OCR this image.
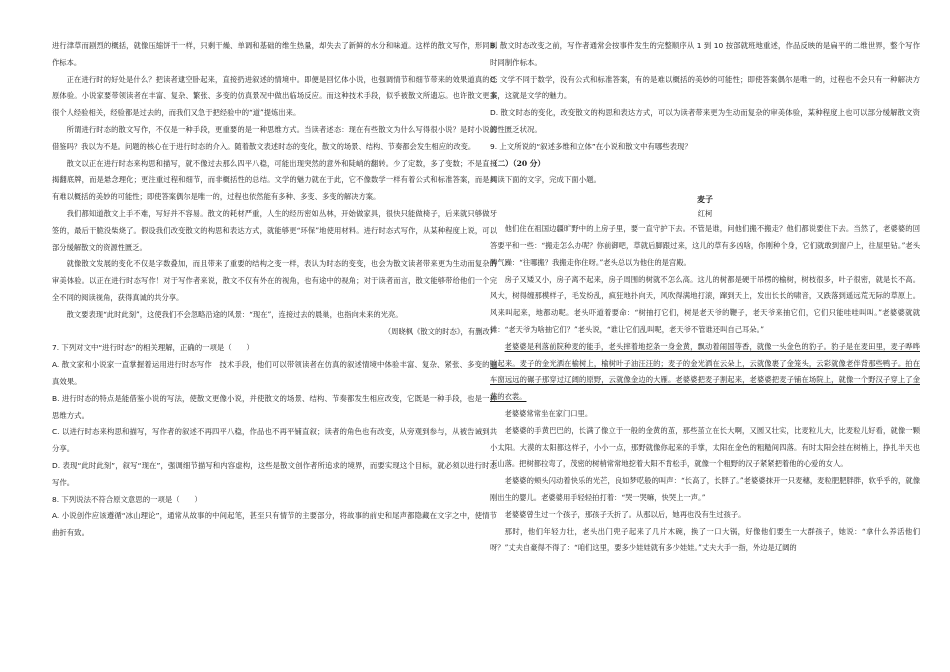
进行津草而剧烈的概括，就像压缩饼干一样，只剩干燥、单调和基础的维生热量，却失去了新鲜的水分和味道。这样的散文写作，形同制作标本。

正在进行时的好处是什么？把读者逮空卧起来，直接扔进叙述的情境中。即便是回忆体小说，也强调情节和细节带来的效果道真的还原体验。小说家要带领读者在丰富、复杂、繁张、多变的仿真景况中做出临场反应。而这种技术手段，似乎被散文所遗忘。也许散文更多很个人经验相关，经验都是过去的，而我们又急于把经验中的“道”提炼出来。

所谓进行时态的散文写作，不仅是一种手段，更重要的是一种思维方式。当读者述态：现在有些散文为什么写得很小说？是时小说的借鉴吗？我以为不是。问题的核心在于进行时态的介入。随着散文表述时态的变化，散文的场景、结构、节奏都会发生相应的改变。

散文以正在进行时态来构思和描写，就不像过去那么四平八稳，可能出现突然的意外和陡峭的翻转。少了定数，多了变数；不是直接揭翻底牌，而是悬念理化；更注重过程和细节，而非概括性的总结。文学的魅力就在于此，它不像数学一样有着公式和标准答案，而是具有难以概括的美妙的可能性；即使答案偶尔是唯一的，过程也依然能有多种、多变、多变的解决方案。

我们都知道散文上手不难，写好并不容易。散文的耗材严重，人生的经历密如丛林，开始做家具，很快只能做椅子，后来就只够做牙签的，最后干脆没柴烧了。假设我们改变散文的构思和表达方式，就能够更“环保”地使用材料。进行时态式写作，从某种程度上说，可以部分缓解散文的资源性匮乏。

就像散文发展的变化不仅是字数叠加，而且带来了重要的结构之变一样，表认为时态的变变，也会为散文读者带来更为生动而复杂的审美体验。以正在进行时态写作！对于写作者来说，散文不仅有外在的视角，也有途中的视角；对于读者而言，散文能够带给他们一个完全不同的阅读视角，获得真诚的共分享。

散文要表现“此时此刻”，这使我们不会忽略沿途的风景：“现在”，连接过去的晨巢，也指向未来的光亮。

（周晓枫《散文的时态》，有删改）

7. 下列对文中“进行时态”的相关理解，正确的一项是（　　）

A. 散文家和小说家一直掌握着运用进行时态写作　技术手段，他们可以带领读者在仿真的叙述情境中体验丰富、复杂、紧张、多变的逼真效果。

B. 进行时态的特点是能借鉴小说的写法，使散文更像小说，并使散文的场景、结构、节奏都发生相应改变，它既是一种手段，也是一种思维方式。

C. 以进行时态来构思和描写，写作者的叙述不再四平八稳，作品也不再平铺直叙；读者的角色也有改变，从旁观到参与，从被告诫到共分享。

D. 表现“此时此刻”，叙写“现在”，强调细节描写和内容虚构，这些是散文创作者所追求的境界，而要实现这个目标，就必须以进行时态写作。

8. 下列说法不符合原文意思的一项是（　　）

A. 小说创作应该遵循“冰山理论”，通常从故事的中间起笔，甚至只有情节的主要部分，将故事的前史和尾声都隐藏在文字之中，使情节曲折有致。

B. 散文时态改变之前，写作者通常会按事件发生的完整顺序从 1 到 10 按部就班地重述，作品反映的是扁平的二维世界，整个写作时同制作标本。

C. 文学不同于数学，没有公式和标准答案，有的是难以概括的美妙的可能性；即使答案偶尔是唯一的，过程也不会只有一种解决方案，这就是文学的魅力。

D. 散文时态的变化，改变散文的构思和表达方式，可以为读者带来更为生动而复杂的审美体验，某种程度上也可以部分缓解散文资源性匮乏状况。

9. 上文所说的“叙述多维和立体”在小说和散文中有哪些表现？

（二）（20 分）

阅读下面的文字，完成下面小题。

麦子
红柯

他们住在祖国边疆旷野中的上房子里，要一直守护下去。不管是谁，问他们搬不搬走？他们都说要住下去。当然了，老婆婆的回答要平和一些：“搬走怎么办呢？你前御吧，草就后脚跟过来，这儿的草有多凶啥，你刚种个身，它们就敢到窗户上，往屋里钻。”老头脾气躁：“往哪搬？我搬走你住呀。”老头总以为他住的是宫殿。

房子又矮又小，房子离不起来，房子周围的树就不怎么高。这儿的树都是硬干吊楞的榆树，树枝很多，叶子很密，就是长不高。风大，树得缠那模样子，毛发纷乱，疯狂地扑向天，风吹得满地打滚，蹿到天上，发出长长的啸音，又跌落到遥远荒无际的草原上。风来叫起来，地都动呢。老头吓道着要命：“树抽打它们，树是老天爷的鞭子，老天爷来抽它们，它们只能哇哇叫叫。”老婆婆就就摊：“老天爷为啥抽它们？”老头说，“谁让它们乱叫呢，老天爷不管谁还叫自己耳朵。”

老婆婆是利落前院种麦的能手，老头摔着地挖条一身金黄，飘动着闹国等香，就像一头金色的豹子。豹子是在麦田里，麦子哗哗响起来。麦子的金光洒在榆树上，榆树叶子油汪汪的；麦子的金光洒在云朵上，云就像裹了金笼头，云彩就像老伴背那些鸭子。拍在车窗远远的碾子那穿过辽阔的原野，云就像金边的大雁。老婆婆把麦子割起来，老婆婆把麦子铺在场院上，就像一个野汉子穿上了金黄的衣裳。

老婆婆常常坐在家门口里。

老婆婆的手黄巴巴的，长满了像立于一般的金黄的茧，那些茧立在长大啊，又圆又壮实，比麦粒儿大，比麦粒儿好看，就像一颗小太阳。大漠的太阳都这样子，小小一点，那野就像你起来的手掌，太阳在金色的粗糙间四落。有时太阳会挂在树梢上，挣扎半天也下山落。把树都拉弯了，茂密的树梢常常地挖着大阳不肯松手，就像一个粗野的汉子紧紧把着他的心爱的女人。

老婆婆的颊头闪动着快乐的光芒，良如梦呓般的叫声：“长高了，长胖了。”老婆婆抹开一只麦穗，麦粒肥肥胖胖，软乎乎的，就像刚出生的婴儿。老婆婆用手轻轻拍打着：“哭一哭嘛，快哭上一声。”

老婆婆曾生过一个孩子，那孩子夭折了。从那以后，她再也没有生过孩子。

那时，他们年轻力壮，老头出门兜子起来了几片木碗，换了一口大锅，好像他们要生一大群孩子，她说：“拿什么养活他们呀？”丈夫自豪得不得了：“咱们这里，要多少娃娃就有多少娃娃。”丈夫大手一指，外边是辽阔的
